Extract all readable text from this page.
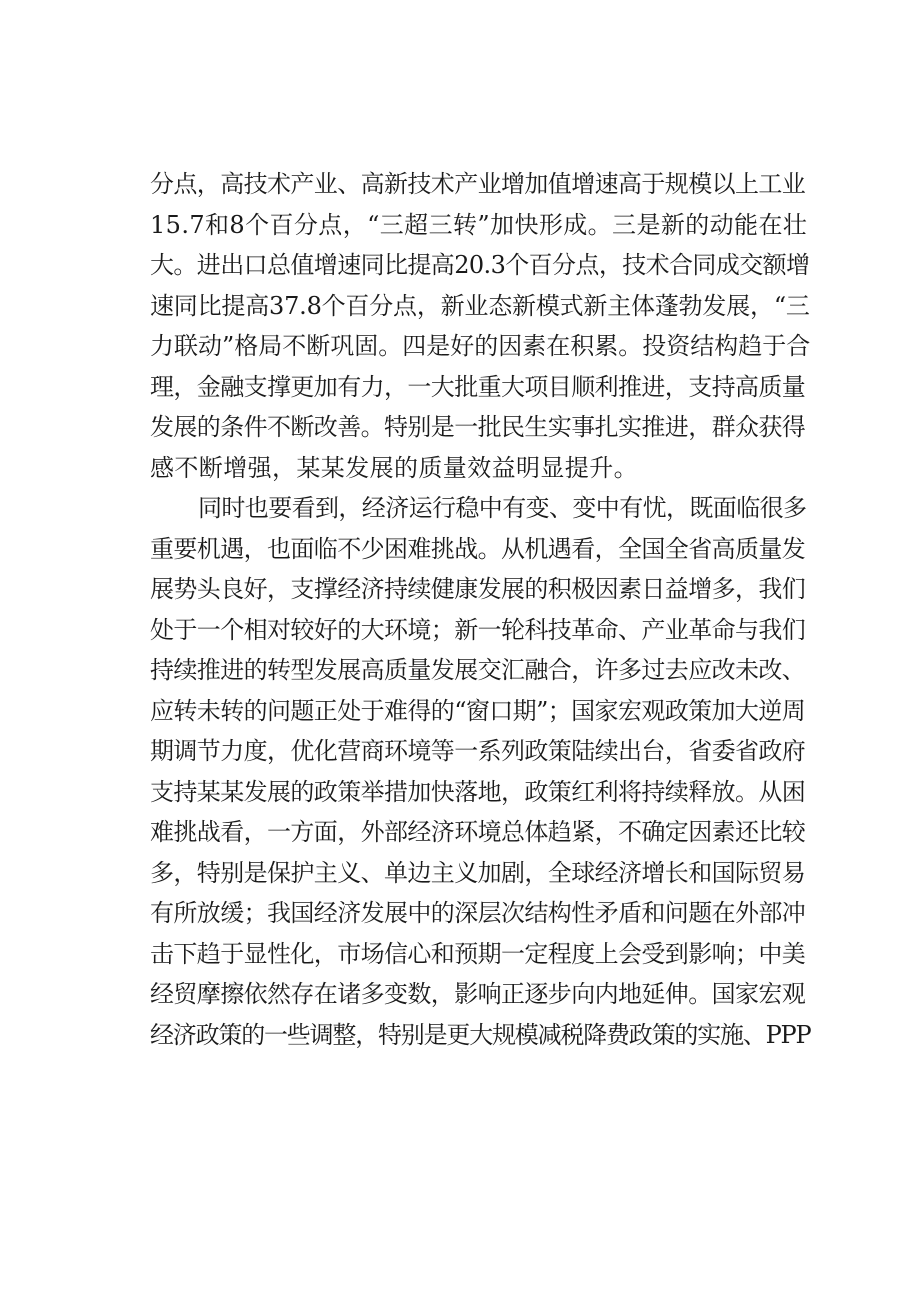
分点，高技术产业、高新技术产业增加值增速高于规模以上工业
15.7和8个百分点，“三超三转”加快形成。三是新的动能在壮
大。进出口总值增速同比提高20.3个百分点，技术合同成交额增
速同比提高37.8个百分点，新业态新模式新主体蓬勃发展，“三
力联动”格局不断巩固。四是好的因素在积累。投资结构趋于合
理，金融支撑更加有力，一大批重大项目顺利推进，支持高质量
发展的条件不断改善。特别是一批民生实事扎实推进，群众获得
感不断增强，某某发展的质量效益明显提升。
同时也要看到，经济运行稳中有变、变中有忧，既面临很多
重要机遇，也面临不少困难挑战。从机遇看，全国全省高质量发
展势头良好，支撑经济持续健康发展的积极因素日益增多，我们
处于一个相对较好的大环境；新一轮科技革命、产业革命与我们
持续推进的转型发展高质量发展交汇融合，许多过去应改未改、
应转未转的问题正处于难得的“窗口期”；国家宏观政策加大逆周
期调节力度，优化营商环境等一系列政策陆续出台，省委省政府
支持某某发展的政策举措加快落地，政策红利将持续释放。从困
难挑战看，一方面，外部经济环境总体趋紧，不确定因素还比较
多，特别是保护主义、单边主义加剧，全球经济增长和国际贸易
有所放缓；我国经济发展中的深层次结构性矛盾和问题在外部冲
击下趋于显性化，市场信心和预期一定程度上会受到影响；中美
经贸摩擦依然存在诸多变数，影响正逐步向内地延伸。国家宏观
经济政策的一些调整，特别是更大规模减税降费政策的实施、PPP
